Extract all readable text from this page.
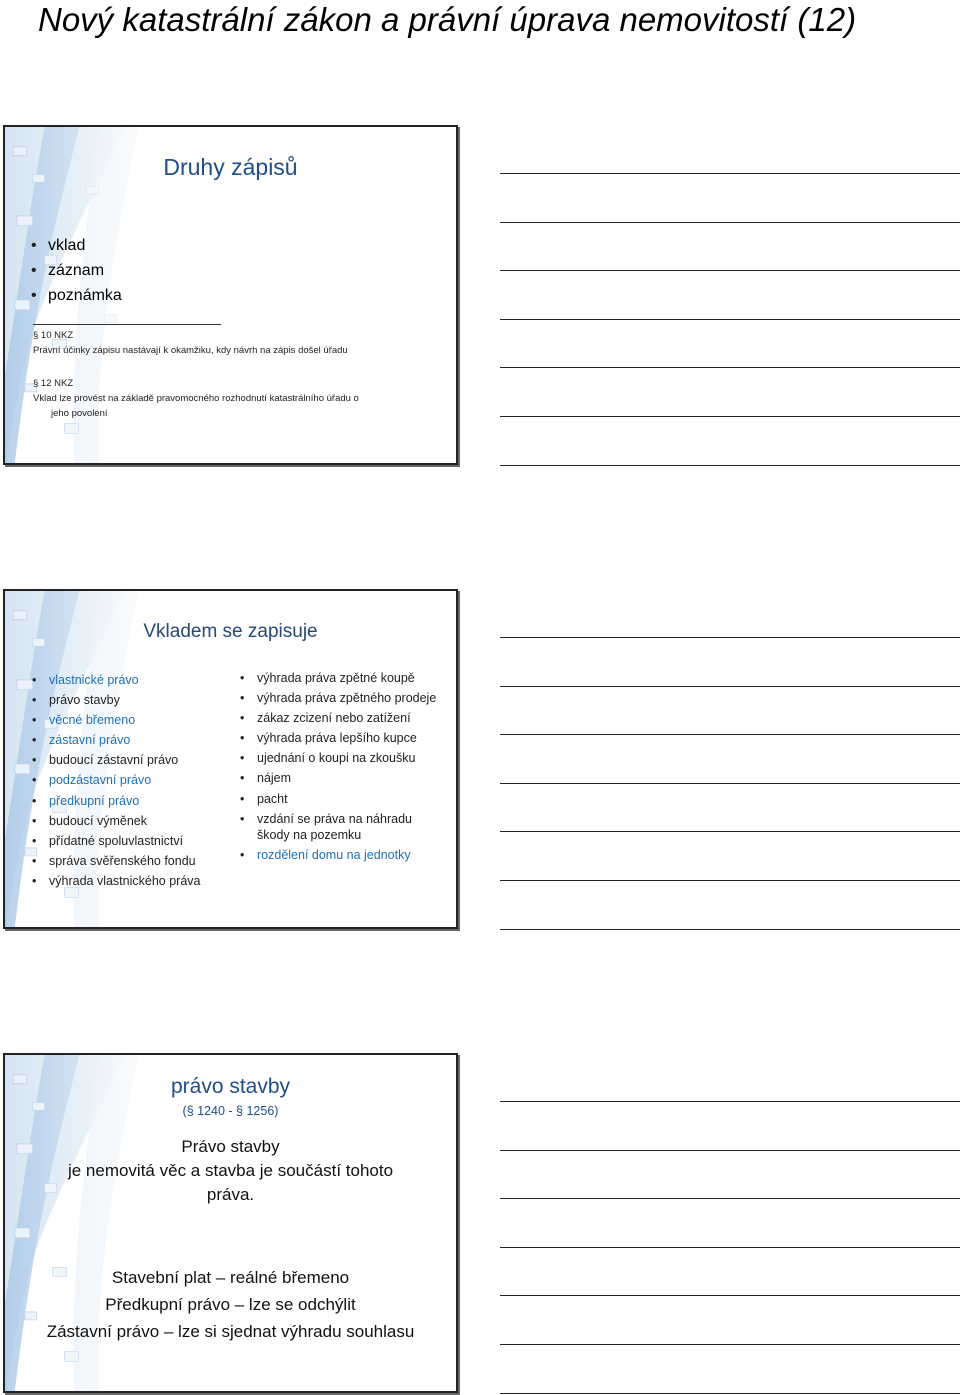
Nový katastrální zákon a právní úprava nemovitostí (12)
Druhy zápisů
• vklad
• záznam
• poznámka
§ 10 NKZ
Právní účinky zápisu nastávají k okamžiku, kdy návrh na zápis došel úřadu
§ 12 NKZ
Vklad lze provést na základě pravomocného rozhodnutí katastrálního úřadu o
jeho povolení
Vkladem se zapisuje
• vlastnické právo
• právo stavby
• věcné břemeno
• zástavní právo
• budoucí zástavní právo
• podzástavní právo
• předkupní právo
• budoucí výměnek
• přídatné spoluvlastnictví
• správa svěřenského fondu
• výhrada vlastnického práva
• výhrada práva zpětné koupě
• výhrada práva zpětného prodeje
• zákaz zcizení nebo zatížení
• výhrada práva lepšího kupce
• ujednání o koupi na zkoušku
• nájem
• pacht
• vzdání se práva na náhradu škody na pozemku
• rozdělení domu na jednotky
právo stavby
(§ 1240 - § 1256)
Právo stavby
je nemovitá věc a stavba je součástí tohoto práva.
Stavební plat – reálné břemeno
Předkupní právo – lze se odchýlit
Zástavní právo – lze si sjednat výhradu souhlasu
